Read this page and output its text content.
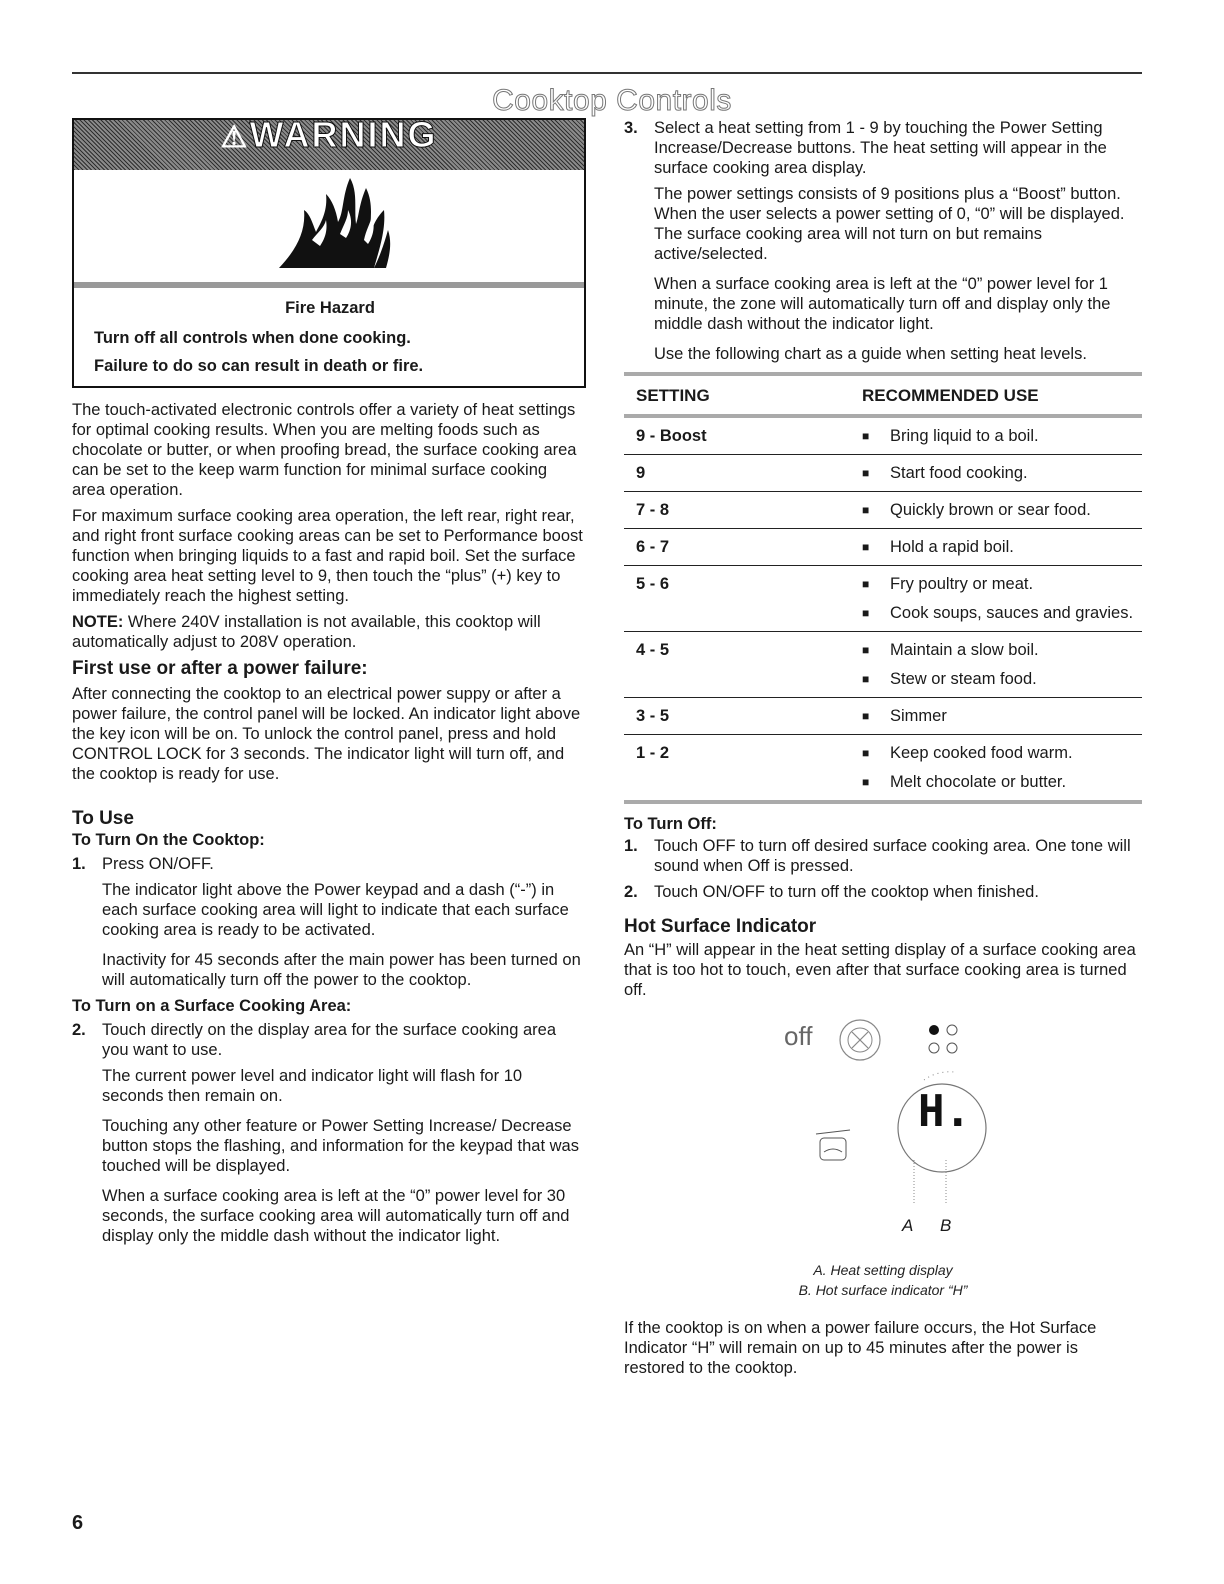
Cooktop Controls
⚠WARNING
Fire Hazard
Turn off all controls when done cooking.
Failure to do so can result in death or fire.

The touch-activated electronic controls offer a variety of heat settings for optimal cooking results. When you are melting foods such as chocolate or butter, or when proofing bread, the surface cooking area can be set to the keep warm function for minimal surface cooking area operation.

For maximum surface cooking area operation, the left rear, right rear, and right front surface cooking areas can be set to Performance boost function when bringing liquids to a fast and rapid boil. Set the surface cooking area heat setting level to 9, then touch the “plus” (+) key to immediately reach the highest setting.

NOTE: Where 240V installation is not available, this cooktop will automatically adjust to 208V operation.

First use or after a power failure:

After connecting the cooktop to an electrical power suppy or after a power failure, the control panel will be locked. An indicator light above the key icon will be on. To unlock the control panel, press and hold CONTROL LOCK for 3 seconds. The indicator light will turn off, and the cooktop is ready for use.

To Use
To Turn On the Cooktop:
1. Press ON/OFF.

The indicator light above the Power keypad and a dash (“-”) in each surface cooking area will light to indicate that each surface cooking area is ready to be activated.

Inactivity for 45 seconds after the main power has been turned on will automatically turn off the power to the cooktop.

To Turn on a Surface Cooking Area:
2. Touch directly on the display area for the surface cooking area you want to use.

The current power level and indicator light will flash for 10 seconds then remain on.

Touching any other feature or Power Setting Increase/ Decrease button stops the flashing, and information for the keypad that was touched will be displayed.

When a surface cooking area is left at the “0” power level for 30 seconds, the surface cooking area will automatically turn off and display only the middle dash without the indicator light.

3. Select a heat setting from 1 - 9 by touching the Power Setting Increase/Decrease buttons. The heat setting will appear in the surface cooking area display.

The power settings consists of 9 positions plus a “Boost” button. When the user selects a power setting of 0, “0” will be displayed. The surface cooking area will not turn on but remains active/selected.

When a surface cooking area is left at the “0” power level for 1 minute, the zone will automatically turn off and display only the middle dash without the indicator light.

Use the following chart as a guide when setting heat levels.

SETTING	RECOMMENDED USE
9 - Boost	■	Bring liquid to a boil.
9	■	Start food cooking.
7 - 8	■	Quickly brown or sear food.
6 - 7	■	Hold a rapid boil.
5 - 6	■	Fry poultry or meat.
■	Cook soups, sauces and gravies.
4 - 5	■	Maintain a slow boil.
■	Stew or steam food.
3 - 5	■	Simmer
1 - 2	■	Keep cooked food warm.
■	Melt chocolate or butter.
To Turn Off:
1. Touch OFF to turn off desired surface cooking area. One tone will sound when Off is pressed.
2. Touch ON/OFF to turn off the cooktop when finished.
Hot Surface Indicator

An “H” will appear in the heat setting display of a surface cooking area that is too hot to touch, even after that surface cooking area is turned off.

off
H.
A B
A. Heat setting display
B. Hot surface indicator “H”

If the cooktop is on when a power failure occurs, the Hot Surface Indicator “H” will remain on up to 45 minutes after the power is restored to the cooktop.

6
